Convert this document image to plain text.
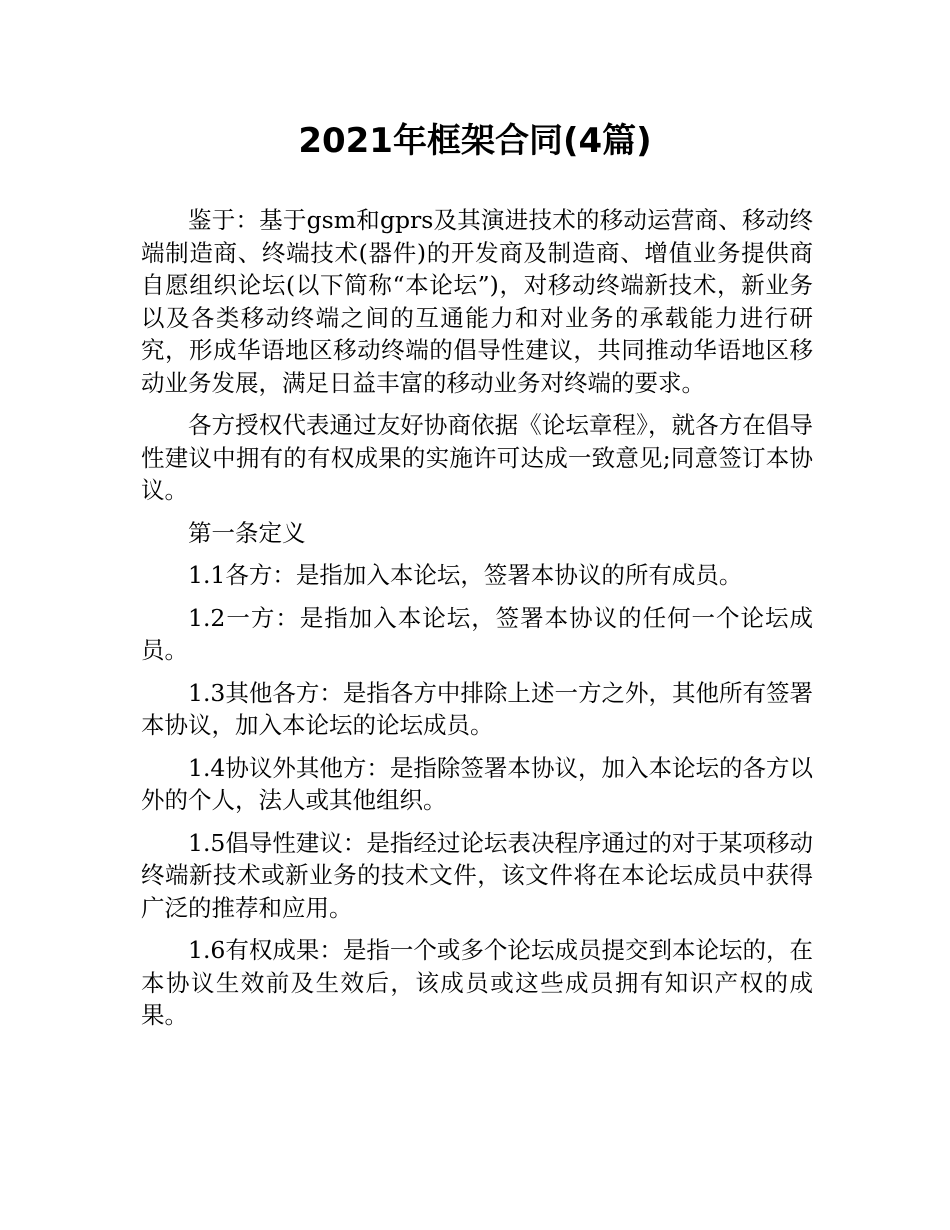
2021年框架合同(4篇)

鉴于：基于gsm和gprs及其演进技术的移动运营商、移动终端制造商、终端技术(器件)的开发商及制造商、增值业务提供商自愿组织论坛(以下简称“本论坛”)，对移动终端新技术，新业务以及各类移动终端之间的互通能力和对业务的承载能力进行研究，形成华语地区移动终端的倡导性建议，共同推动华语地区移动业务发展，满足日益丰富的移动业务对终端的要求。

各方授权代表通过友好协商依据《论坛章程》，就各方在倡导性建议中拥有的有权成果的实施许可达成一致意见;同意签订本协议。

第一条定义

1.1各方：是指加入本论坛，签署本协议的所有成员。

1.2一方：是指加入本论坛，签署本协议的任何一个论坛成员。

1.3其他各方：是指各方中排除上述一方之外，其他所有签署本协议，加入本论坛的论坛成员。

1.4协议外其他方：是指除签署本协议，加入本论坛的各方以外的个人，法人或其他组织。

1.5倡导性建议：是指经过论坛表决程序通过的对于某项移动终端新技术或新业务的技术文件，该文件将在本论坛成员中获得广泛的推荐和应用。

1.6有权成果：是指一个或多个论坛成员提交到本论坛的，在本协议生效前及生效后，该成员或这些成员拥有知识产权的成果。
